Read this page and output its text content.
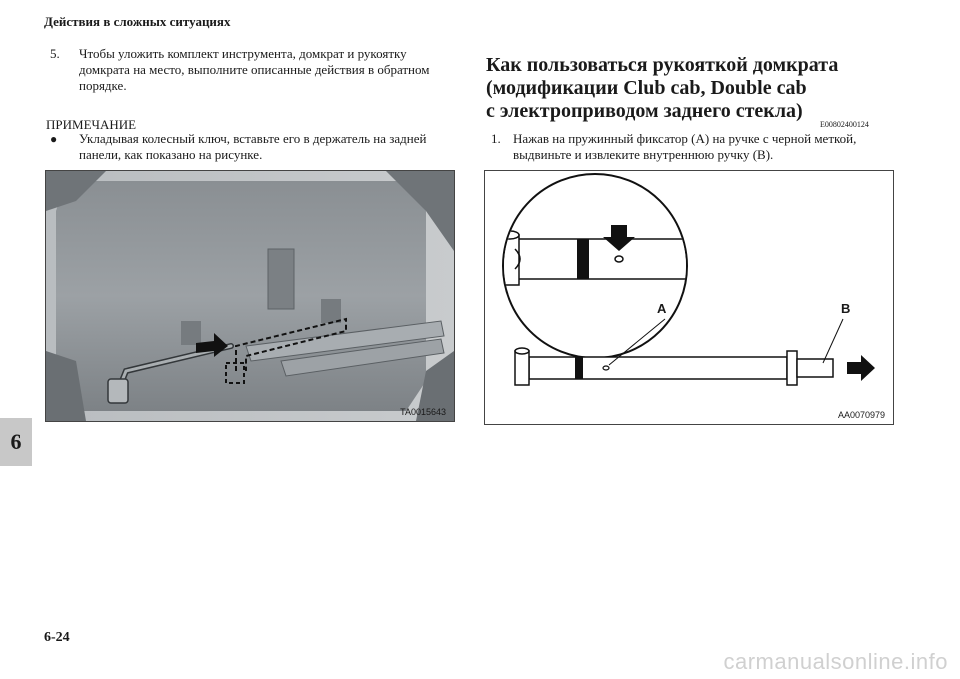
Действия в сложных ситуациях
6
5. Чтобы уложить комплект инструмента, домкрат и рукоятку домкрата на место, выполните описанные действия в обратном порядке.
ПРИМЕЧАНИЕ
● Укладывая колесный ключ, вставьте его в держатель на задней панели, как показано на рисунке.
TA0015643
Как пользоваться рукояткой домкрата
(модификации Club cab, Double cab
с электроприводом заднего стекла)
E00802400124
1. Нажав на пружинный фиксатор (A) на ручке с черной меткой, выдвиньте и извлеките внутреннюю ручку (B).
A	B
AA0070979
6-24
carmanualsonline.info
